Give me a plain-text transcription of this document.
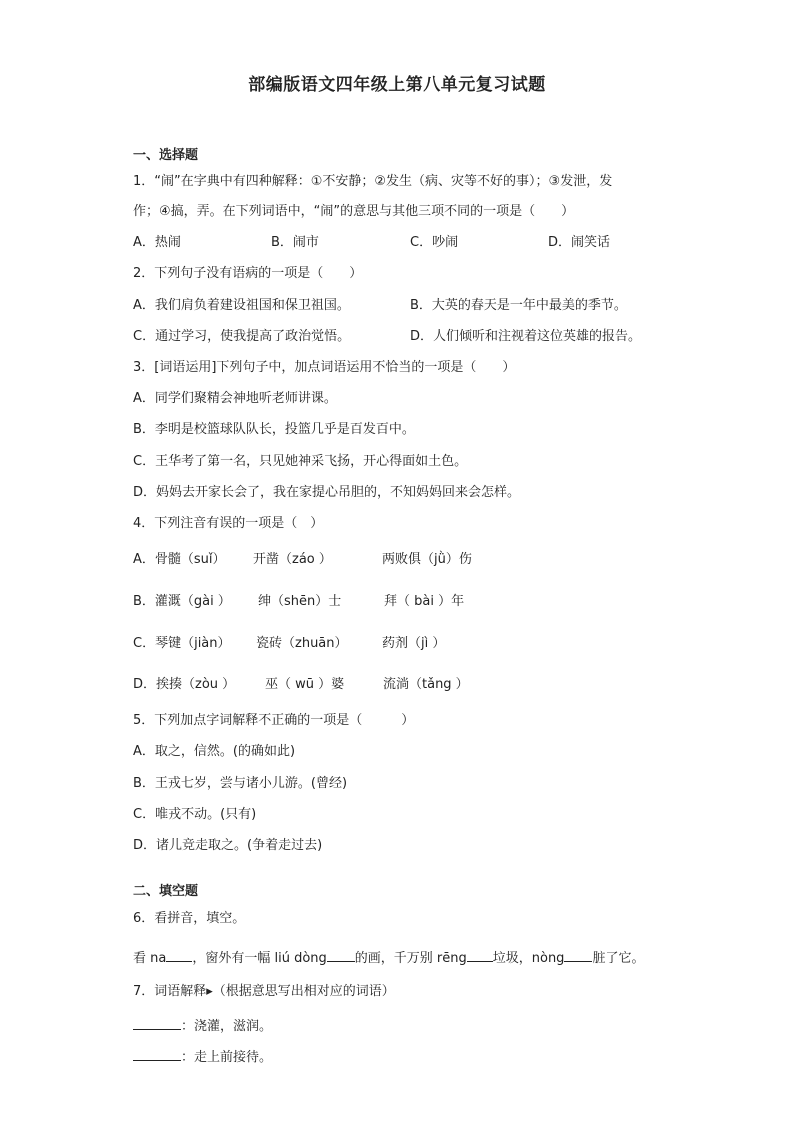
部编版语文四年级上第八单元复习试题
一、选择题
1．“闹”在字典中有四种解释：①不安静；②发生（病、灾等不好的事）；③发泄，发
作；④搞，弄。在下列词语中，“闹”的意思与其他三项不同的一项是（　　）
A．热闹	B．闹市	C．吵闹	D．闹笑话
2．下列句子没有语病的一项是（　　）
A．我们肩负着建设祖国和保卫祖国。	B．大英的春天是一年中最美的季节。
C．通过学习，使我提高了政治觉悟。	D．人们倾听和注视着这位英雄的报告。
3．[词语运用]下列句子中，加点词语运用不恰当的一项是（　　）
A．同学们聚精会神地听老师讲课。
B．李明是校篮球队队长，投篮几乎是百发百中。
C．王华考了第一名，只见她神采飞扬，开心得面如土色。
D．妈妈去开家长会了，我在家提心吊胆的，不知妈妈回来会怎样。
4．下列注音有误的一项是（　）
A．骨髓（suǐ） 开凿（záo ）	两败俱（jǜ）伤
B．灌溉（gài ） 绅（shēn）士	拜（ bài ）年
C．琴键（jiàn） 瓷砖（zhuān）	药剂（jì ）
D．挨揍（zòu ） 巫（ wū ）婆	流淌（tǎng ）
5．下列加点字词解释不正确的一项是（　　　）
A．取之，信然。(的确如此)
B．王戎七岁，尝与诸小儿游。(曾经)
C．唯戎不动。(只有)
D．诸儿竞走取之。(争着走过去)
二、填空题
6．看拼音，填空。
看 na ，窗外有一幅 liú dòng 的画，千万别 rēng 垃圾，nòng 脏了它。
7．词语解释▸（根据意思写出相对应的词语）
：浇灌，滋润。
：走上前接待。
